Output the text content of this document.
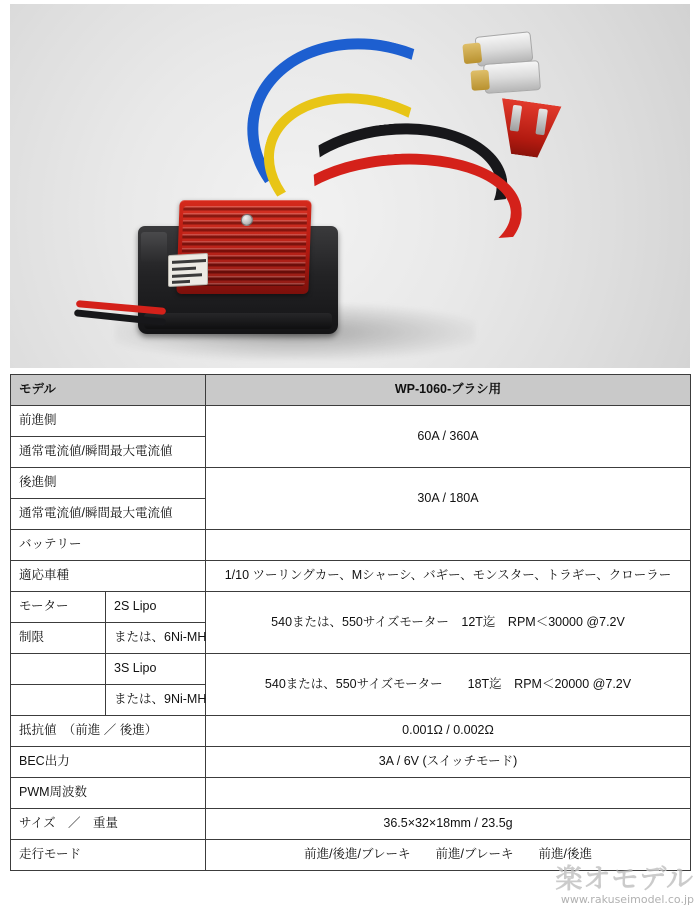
モデル		WP-1060-ブラシ用
前進側		60A / 360A
通常電流値/瞬間最大電流値		
後進側		30A / 180A
通常電流値/瞬間最大電流値		
バッテリー		
適応車種		1/10 ツーリングカー、Mシャーシ、バギー、モンスター、トラギー、クローラー
モーター	2S Lipo	540または、550サイズモーター　12T迄　RPM＜30000 @7.2V
制限	または、6Ni-MH	
	3S Lipo	540または、550サイズモーター　　18T迄　RPM＜20000 @7.2V
	または、9Ni-MH	
抵抗値　（前進 ／ 後進）		0.001Ω / 0.002Ω
BEC出力		3A / 6V (スイッチモード)
PWM周波数		
サイズ　／　重量		36.5×32×18mm / 23.5g
走行モード		前進/後進/ブレーキ　　前進/ブレーキ　　前進/後進
楽オモデル
www.rakuseimodel.co.jp
